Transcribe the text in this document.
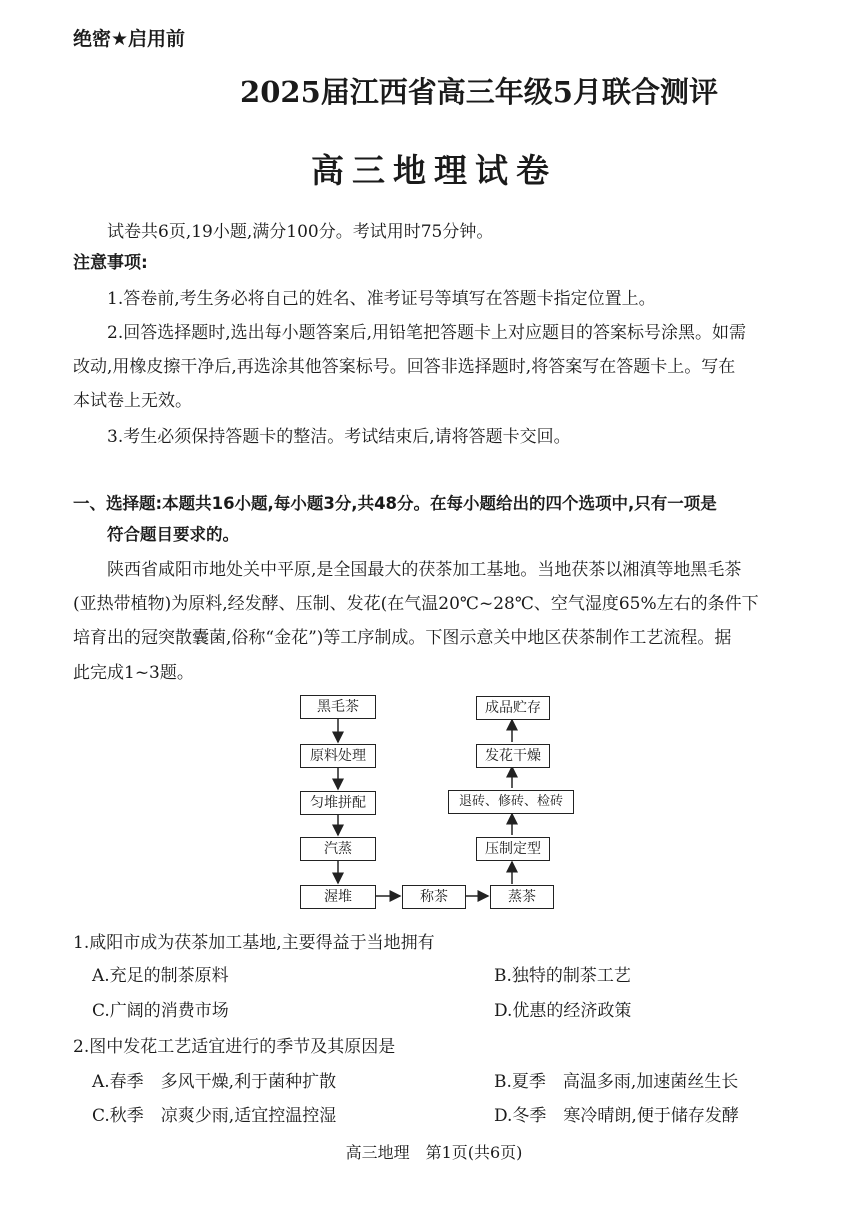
绝密★启用前
2025届江西省高三年级5月联合测评
高三地理试卷
试卷共6页,19小题,满分100分。考试用时75分钟。
注意事项:
1.答卷前,考生务必将自己的姓名、准考证号等填写在答题卡指定位置上。
2.回答选择题时,选出每小题答案后,用铅笔把答题卡上对应题目的答案标号涂黑。如需
改动,用橡皮擦干净后,再选涂其他答案标号。回答非选择题时,将答案写在答题卡上。写在
本试卷上无效。
3.考生必须保持答题卡的整洁。考试结束后,请将答题卡交回。
一、选择题:本题共16小题,每小题3分,共48分。在每小题给出的四个选项中,只有一项是
符合题目要求的。
陕西省咸阳市地处关中平原,是全国最大的茯茶加工基地。当地茯茶以湘滇等地黑毛茶
(亚热带植物)为原料,经发酵、压制、发花(在气温20℃~28℃、空气湿度65%左右的条件下
培育出的冠突散囊菌,俗称“金花”)等工序制成。下图示意关中地区茯茶制作工艺流程。据
此完成1~3题。
黑毛茶
原料处理
匀堆拼配
汽蒸
渥堆	称茶	蒸茶
成品贮存
发花干燥
退砖、修砖、检砖
压制定型
1.咸阳市成为茯茶加工基地,主要得益于当地拥有
A.充足的制茶原料	B.独特的制茶工艺
C.广阔的消费市场	D.优惠的经济政策
2.图中发花工艺适宜进行的季节及其原因是
A.春季　多风干燥,利于菌种扩散	B.夏季　高温多雨,加速菌丝生长
C.秋季　凉爽少雨,适宜控温控湿	D.冬季　寒冷晴朗,便于储存发酵
高三地理　第1页(共6页)
